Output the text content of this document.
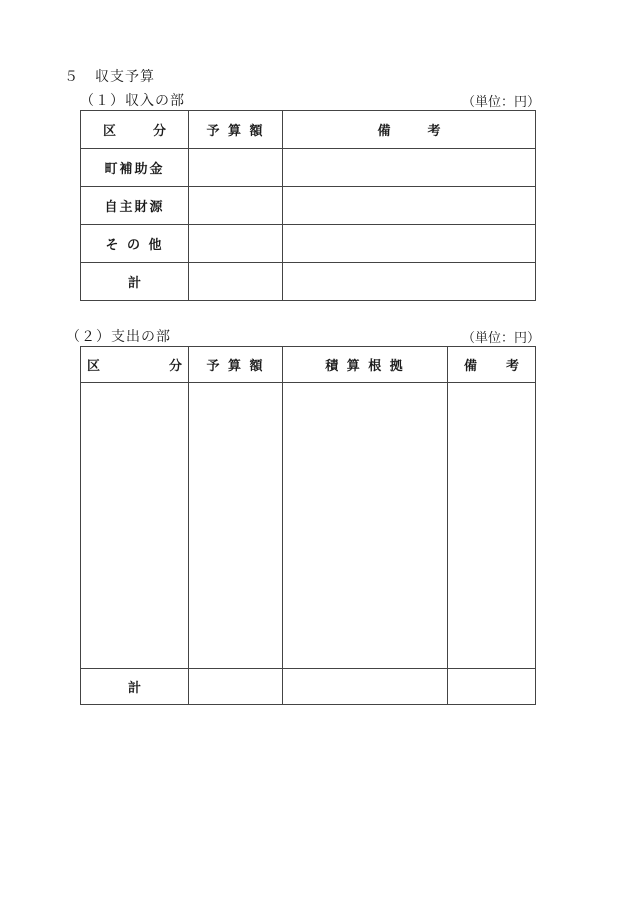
５ 収支予算
（１）収入の部	（単位：円）
区　分	予 算 額	備　考
町補助金		
自主財源		
そ の 他		
計		
（２）支出の部	（単位：円）
区 分	予 算 額	積 算 根 拠	備　考

計			
